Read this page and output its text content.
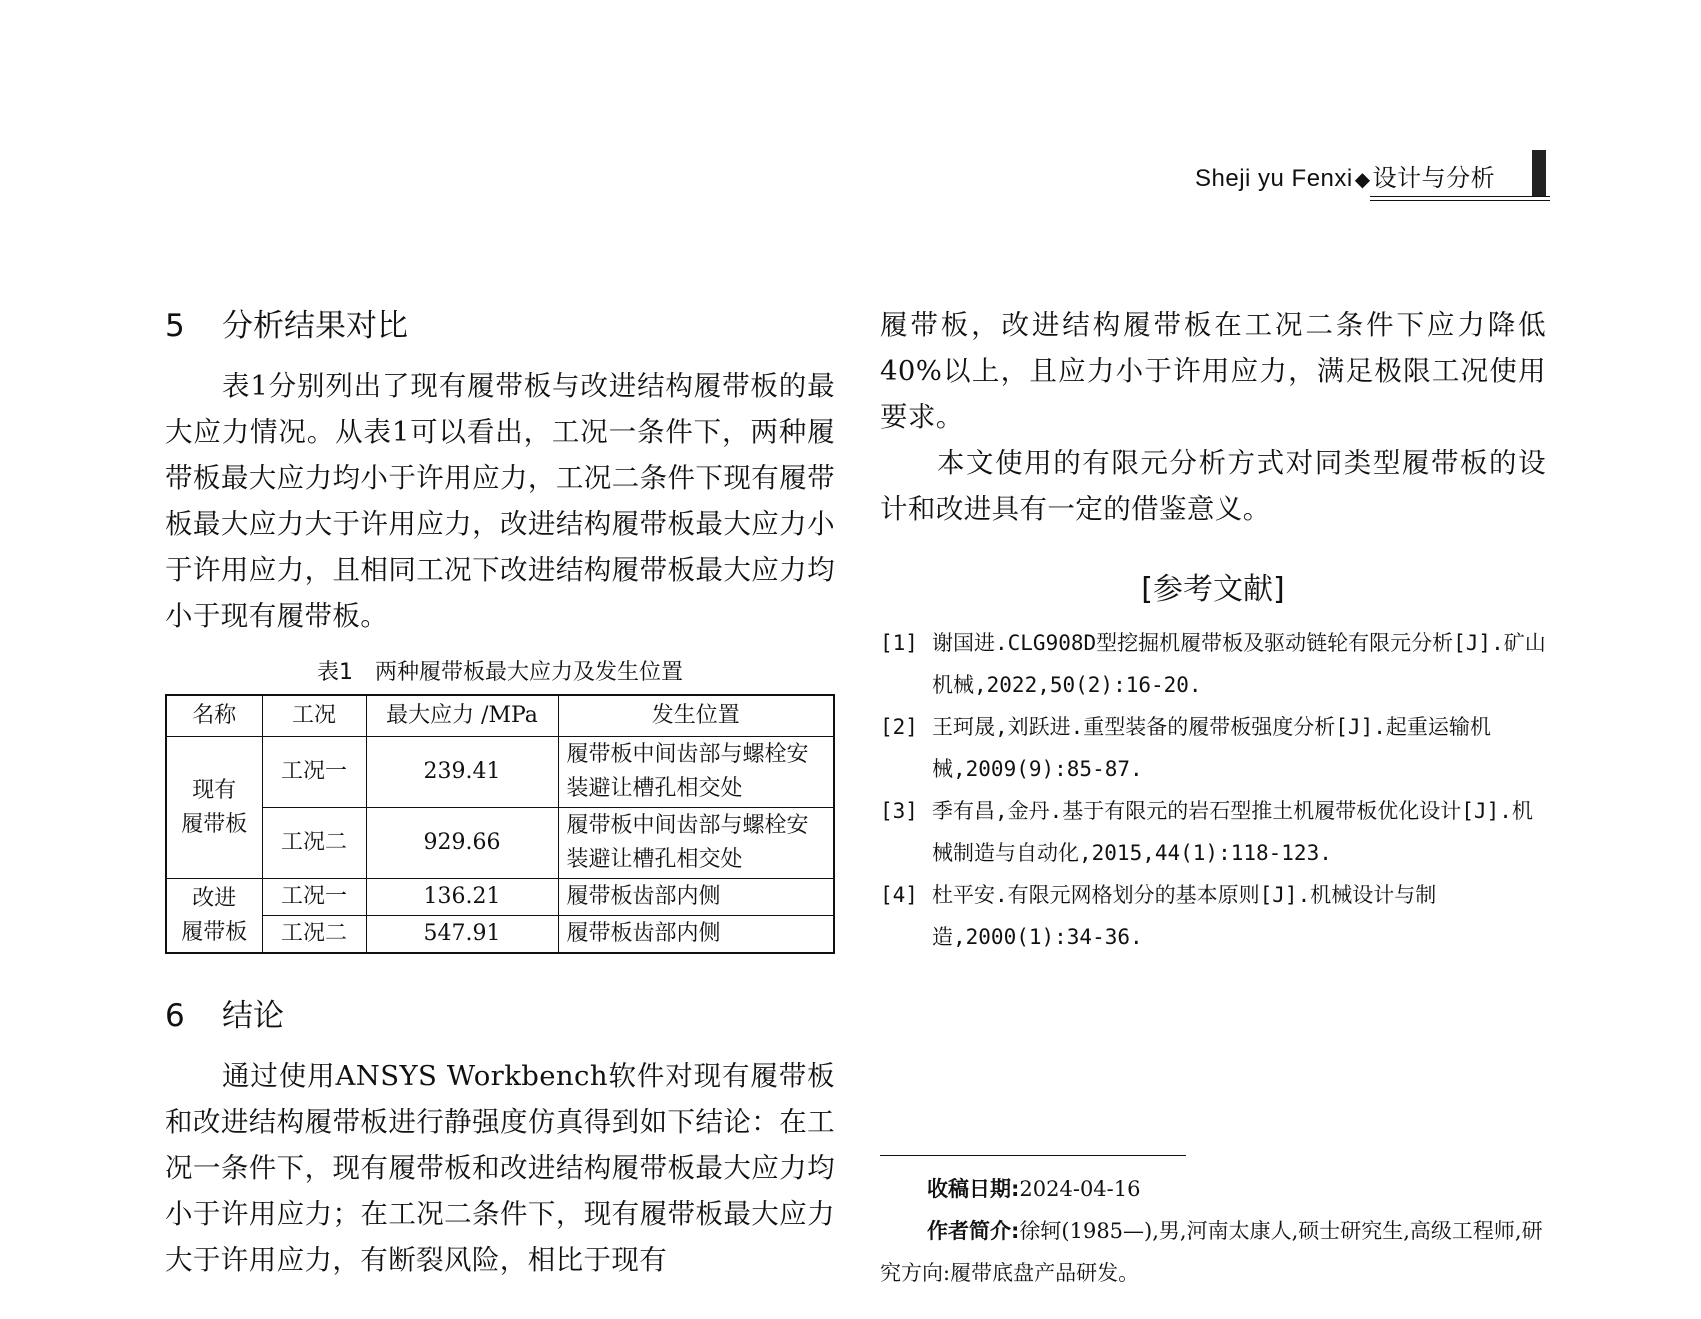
Sheji yu Fenxi ◆设计与分析
5 分析结果对比

表1分别列出了现有履带板与改进结构履带板的最大应力情况。从表1可以看出，工况一条件下，两种履带板最大应力均小于许用应力，工况二条件下现有履带板最大应力大于许用应力，改进结构履带板最大应力小于许用应力，且相同工况下改进结构履带板最大应力均小于现有履带板。

表1　两种履带板最大应力及发生位置
名称	工况	最大应力 /MPa	发生位置
现有
履带板	工况一	239.41	履带板中间齿部与螺栓安装避让槽孔相交处
	工况二	929.66	履带板中间齿部与螺栓安装避让槽孔相交处
改进
履带板	工况一	136.21	履带板齿部内侧
	工况二	547.91	履带板齿部内侧
6 结论

通过使用ANSYS Workbench软件对现有履带板和改进结构履带板进行静强度仿真得到如下结论：在工况一条件下，现有履带板和改进结构履带板最大应力均小于许用应力；在工况二条件下，现有履带板最大应力大于许用应力，有断裂风险，相比于现有

履带板，改进结构履带板在工况二条件下应力降低40%以上，且应力小于许用应力，满足极限工况使用要求。

本文使用的有限元分析方式对同类型履带板的设计和改进具有一定的借鉴意义。

[参考文献]

[1] 谢国进.CLG908D型挖掘机履带板及驱动链轮有限元分析[J].矿山机械,2022,50(2):16-20.

[2] 王珂晟,刘跃进.重型装备的履带板强度分析[J].起重运输机械,2009(9):85-87.

[3] 季有昌,金丹.基于有限元的岩石型推土机履带板优化设计[J].机械制造与自动化,2015,44(1):118-123.

[4] 杜平安.有限元网格划分的基本原则[J].机械设计与制造,2000(1):34-36.

收稿日期:2024-04-16

作者简介:徐轲(1985—),男,河南太康人,硕士研究生,高级工程师,研究方向:履带底盘产品研发。
